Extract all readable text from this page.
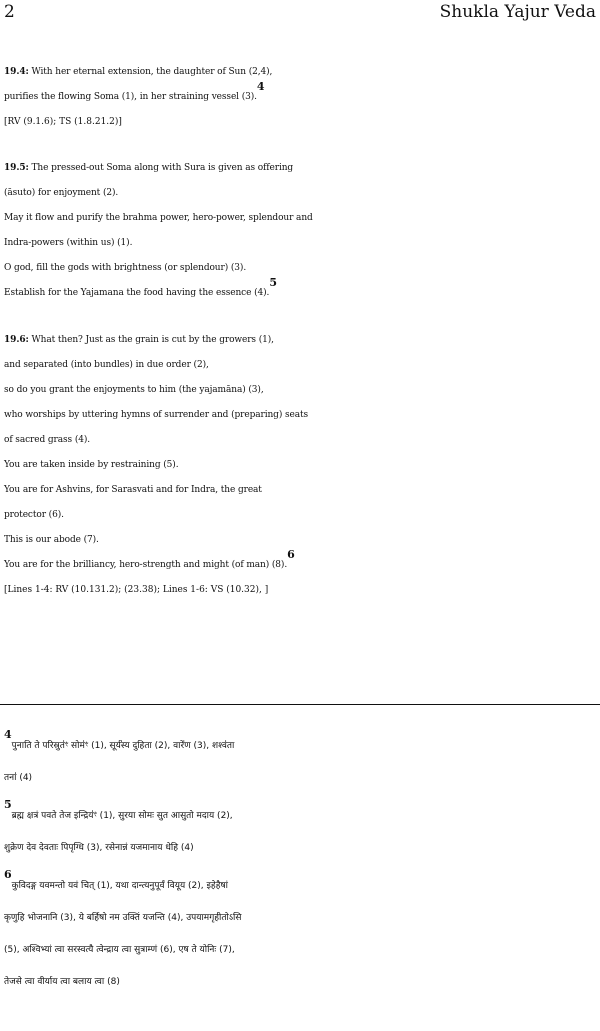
2	Shukla Yajur Veda
19.4: With her eternal extension, the daughter of Sun (2,4),
purifies the flowing Soma (1), in her straining vessel (3).$^4$
[RV (9.1.6); TS (1.8.21.2)]
19.5: The pressed-out Soma along with Sura is given as offering
(āsuto) for enjoyment (2).
May it flow and purify the brahma power, hero-power, splendour and
Indra-powers (within us) (1).
O god, fill the gods with brightness (or splendour) (3).
Establish for the Yajamana the food having the essence (4).$^5$
19.6: What then? Just as the grain is cut by the growers (1),
and separated (into bundles) in due order (2),
so do you grant the enjoyments to him (the yajamāna) (3),
who worships by uttering hymns of surrender and (preparing) seats
of sacred grass (4).
You are taken inside by restraining (5).
You are for Ashvins, for Sarasvati and for Indra, the great
protector (6).
This is our abode (7).
You are for the brilliancy, hero-strength and might (of man) (8).$^6$
[Lines 1-4: RV (10.131.2); (23.38); Lines 1-6: VS (10.32), ]
4पुनाति ते परिस्रुत॑ꣳ सोम॑ꣳ (1), सूर्य॑स्य दुहिता (2), वारे॑ण (3), शश्व॑ता
तना॑ (4)
5ब्रह्म क्षत्रं पवते तेज इन्द्रिय॑ꣳ (1), सुरया सोमः सुत आसुतो मदाय (2),
शुक्रेण देव देवताः पिपृग्धि (3), रसेनान्नं यजमानाय धेहि (4)
6कुविदङ्ग यवमन्तो यवं चित् (1), यथा दान्त्यनुपूर्वं वियूय (2), इहेहैषां
कृणुहि भोजनानि (3), ये बर्हिषो नम उक्तिं यजन्ति (4), उपयामगृहीतोऽसि
(5), अश्विभ्यां त्वा सरस्वत्यै त्वेन्द्राय त्वा सुत्राम्णं (6), एष ते योनिः (7),
तेजसे त्वा वीर्याय त्वा बलाय त्वा (8)
